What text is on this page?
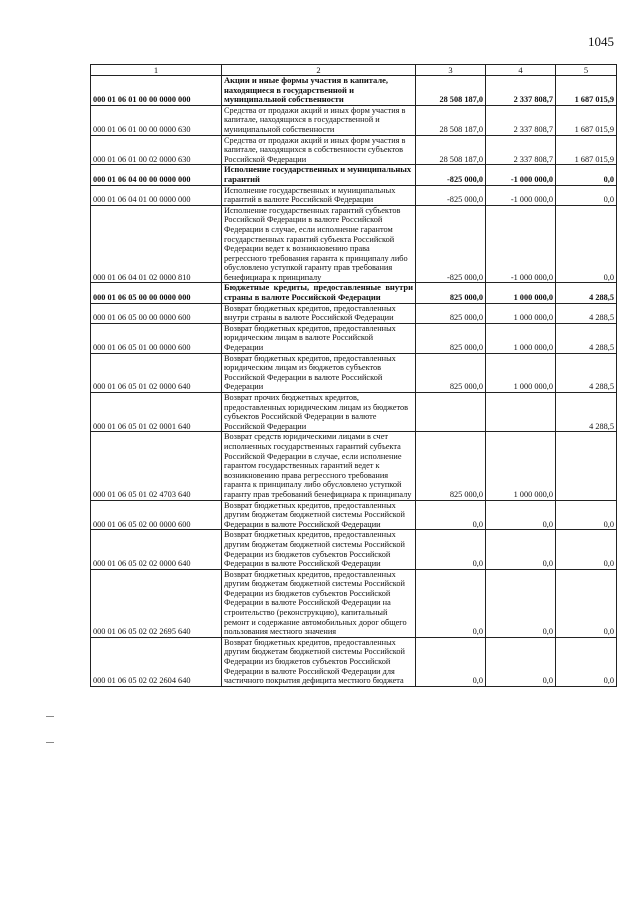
1045
1	2	3	4	5
000 01 06 01 00 00 0000 000	Акции и иные формы участия в капитале, находящиеся в государственной и муниципальной собственности	28 508 187,0	2 337 808,7	1 687 015,9
000 01 06 01 00 00 0000 630	Средства от продажи акций и иных форм участия в капитале, находящихся в государственной и муниципальной собственности	28 508 187,0	2 337 808,7	1 687 015,9
000 01 06 01 00 02 0000 630	Средства от продажи акций и иных форм участия в капитале, находящихся в собственности субъектов Российской Федерации	28 508 187,0	2 337 808,7	1 687 015,9
000 01 06 04 00 00 0000 000	Исполнение государственных и муниципальных гарантий	-825 000,0	-1 000 000,0	0,0
000 01 06 04 01 00 0000 000	Исполнение государственных и муниципальных гарантий в валюте Российской Федерации	-825 000,0	-1 000 000,0	0,0
000 01 06 04 01 02 0000 810	Исполнение государственных гарантий субъектов Российской Федерации в валюте Российской Федерации в случае, если исполнение гарантом государственных гарантий субъекта Российской Федерации ведет к возникновению права регрессного требования гаранта к принципалу либо обусловлено уступкой гаранту прав требования бенефициара к принципалу	-825 000,0	-1 000 000,0	0,0
000 01 06 05 00 00 0000 000	Бюджетные кредиты, предоставленные внутри страны в валюте Российской Федерации	825 000,0	1 000 000,0	4 288,5
000 01 06 05 00 00 0000 600	Возврат бюджетных кредитов, предоставленных внутри страны в валюте Российской Федерации	825 000,0	1 000 000,0	4 288,5
000 01 06 05 01 00 0000 600	Возврат бюджетных кредитов, предоставленных юридическим лицам в валюте Российской Федерации	825 000,0	1 000 000,0	4 288,5
000 01 06 05 01 02 0000 640	Возврат бюджетных кредитов, предоставленных юридическим лицам из бюджетов субъектов Российской Федерации в валюте Российской Федерации	825 000,0	1 000 000,0	4 288,5
000 01 06 05 01 02 0001 640	Возврат прочих бюджетных кредитов, предоставленных юридическим лицам из бюджетов субъектов Российской Федерации в валюте Российской Федерации			4 288,5
000 01 06 05 01 02 4703 640	Возврат средств юридическими лицами в счет исполненных государственных гарантий субъекта Российской Федерации в случае, если исполнение гарантом государственных гарантий ведет к возникновению права регрессного требования гаранта к принципалу либо обусловлено уступкой гаранту прав требований бенефициара к принципалу	825 000,0	1 000 000,0	
000 01 06 05 02 00 0000 600	Возврат бюджетных кредитов, предоставленных другим бюджетам бюджетной системы Российской Федерации в валюте Российской Федерации	0,0	0,0	0,0
000 01 06 05 02 02 0000 640	Возврат бюджетных кредитов, предоставленных другим бюджетам бюджетной системы Российской Федерации из бюджетов субъектов Российской Федерации в валюте Российской Федерации	0,0	0,0	0,0
000 01 06 05 02 02 2695 640	Возврат бюджетных кредитов, предоставленных другим бюджетам бюджетной системы Российской Федерации из бюджетов субъектов Российской Федерации в валюте Российской Федерации на строительство (реконструкцию), капитальный ремонт и содержание автомобильных дорог общего пользования местного значения	0,0	0,0	0,0
000 01 06 05 02 02 2604 640	Возврат бюджетных кредитов, предоставленных другим бюджетам бюджетной системы Российской Федерации из бюджетов субъектов Российской Федерации в валюте Российской Федерации для частичного покрытия дефицита местного бюджета	0,0	0,0	0,0
